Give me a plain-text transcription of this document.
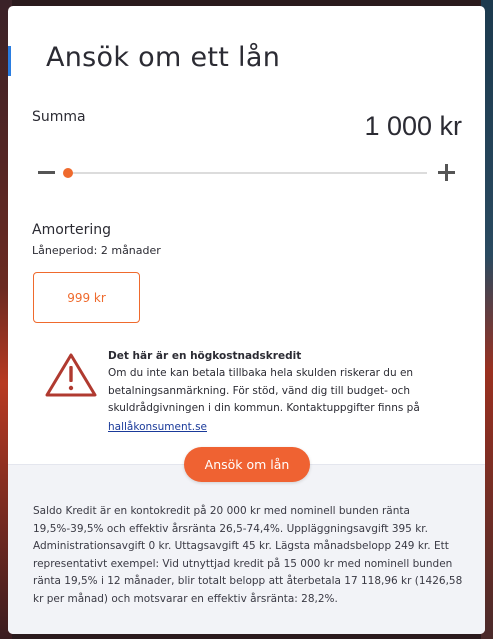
Ansök om ett lån
Summa	1 000 kr
Amortering
Låneperiod: 2 månader
999 kr
Det här är en högkostnadskredit
Om du inte kan betala tillbaka hela skulden riskerar du en betalningsanmärkning. För stöd, vänd dig till budget- och skuldrådgivningen i din kommun. Kontaktuppgifter finns på
hallåkonsument.se
Saldo Kredit är en kontokredit på 20 000 kr med nominell bunden ränta 19,5%-39,5% och effektiv årsränta 26,5-74,4%. Uppläggningsavgift 395 kr. Administrationsavgift 0 kr. Uttagsavgift 45 kr. Lägsta månadsbelopp 249 kr. Ett representativt exempel: Vid utnyttjad kredit på 15 000 kr med nominell bunden ränta 19,5% i 12 månader, blir totalt belopp att återbetala 17 118,96 kr (1426,58 kr per månad) och motsvarar en effektiv årsränta: 28,2%.
Ansök om lån
